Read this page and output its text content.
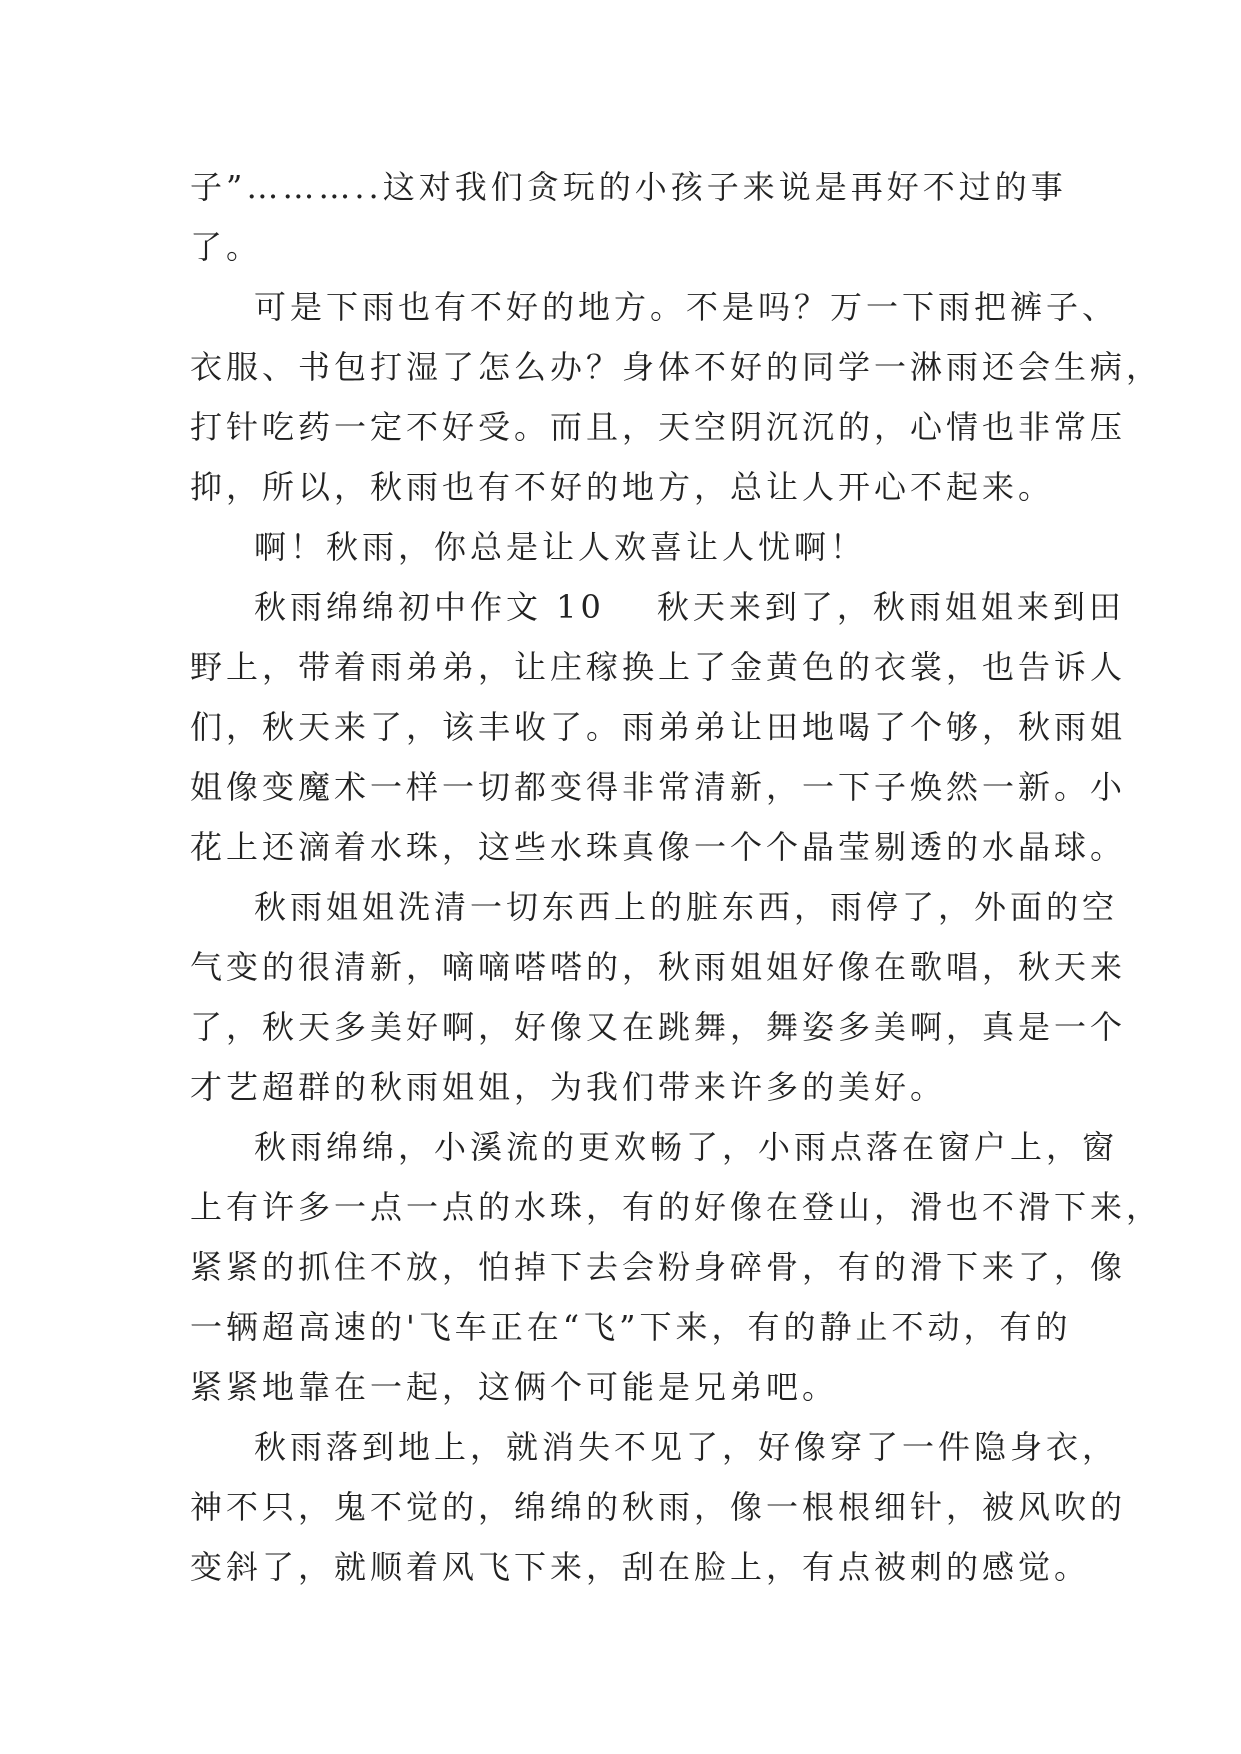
子”………..这对我们贪玩的小孩子来说是再好不过的事
了。
可是下雨也有不好的地方。不是吗？万一下雨把裤子、
衣服、书包打湿了怎么办？身体不好的同学一淋雨还会生病，
打针吃药一定不好受。而且，天空阴沉沉的，心情也非常压
抑，所以，秋雨也有不好的地方，总让人开心不起来。
啊！秋雨，你总是让人欢喜让人忧啊！
秋雨绵绵初中作文 10 秋天来到了，秋雨姐姐来到田
野上，带着雨弟弟，让庄稼换上了金黄色的衣裳，也告诉人
们，秋天来了，该丰收了。雨弟弟让田地喝了个够，秋雨姐
姐像变魔术一样一切都变得非常清新，一下子焕然一新。小
花上还滴着水珠，这些水珠真像一个个晶莹剔透的水晶球。
秋雨姐姐洗清一切东西上的脏东西，雨停了，外面的空
气变的很清新，嘀嘀嗒嗒的，秋雨姐姐好像在歌唱，秋天来
了，秋天多美好啊，好像又在跳舞，舞姿多美啊，真是一个
才艺超群的秋雨姐姐，为我们带来许多的美好。
秋雨绵绵，小溪流的更欢畅了，小雨点落在窗户上，窗
上有许多一点一点的水珠，有的好像在登山，滑也不滑下来，
紧紧的抓住不放，怕掉下去会粉身碎骨，有的滑下来了，像
一辆超高速的'飞车正在“飞”下来，有的静止不动，有的
紧紧地靠在一起，这俩个可能是兄弟吧。
秋雨落到地上，就消失不见了，好像穿了一件隐身衣，
神不只，鬼不觉的，绵绵的秋雨，像一根根细针，被风吹的
变斜了，就顺着风飞下来，刮在脸上，有点被刺的感觉。
